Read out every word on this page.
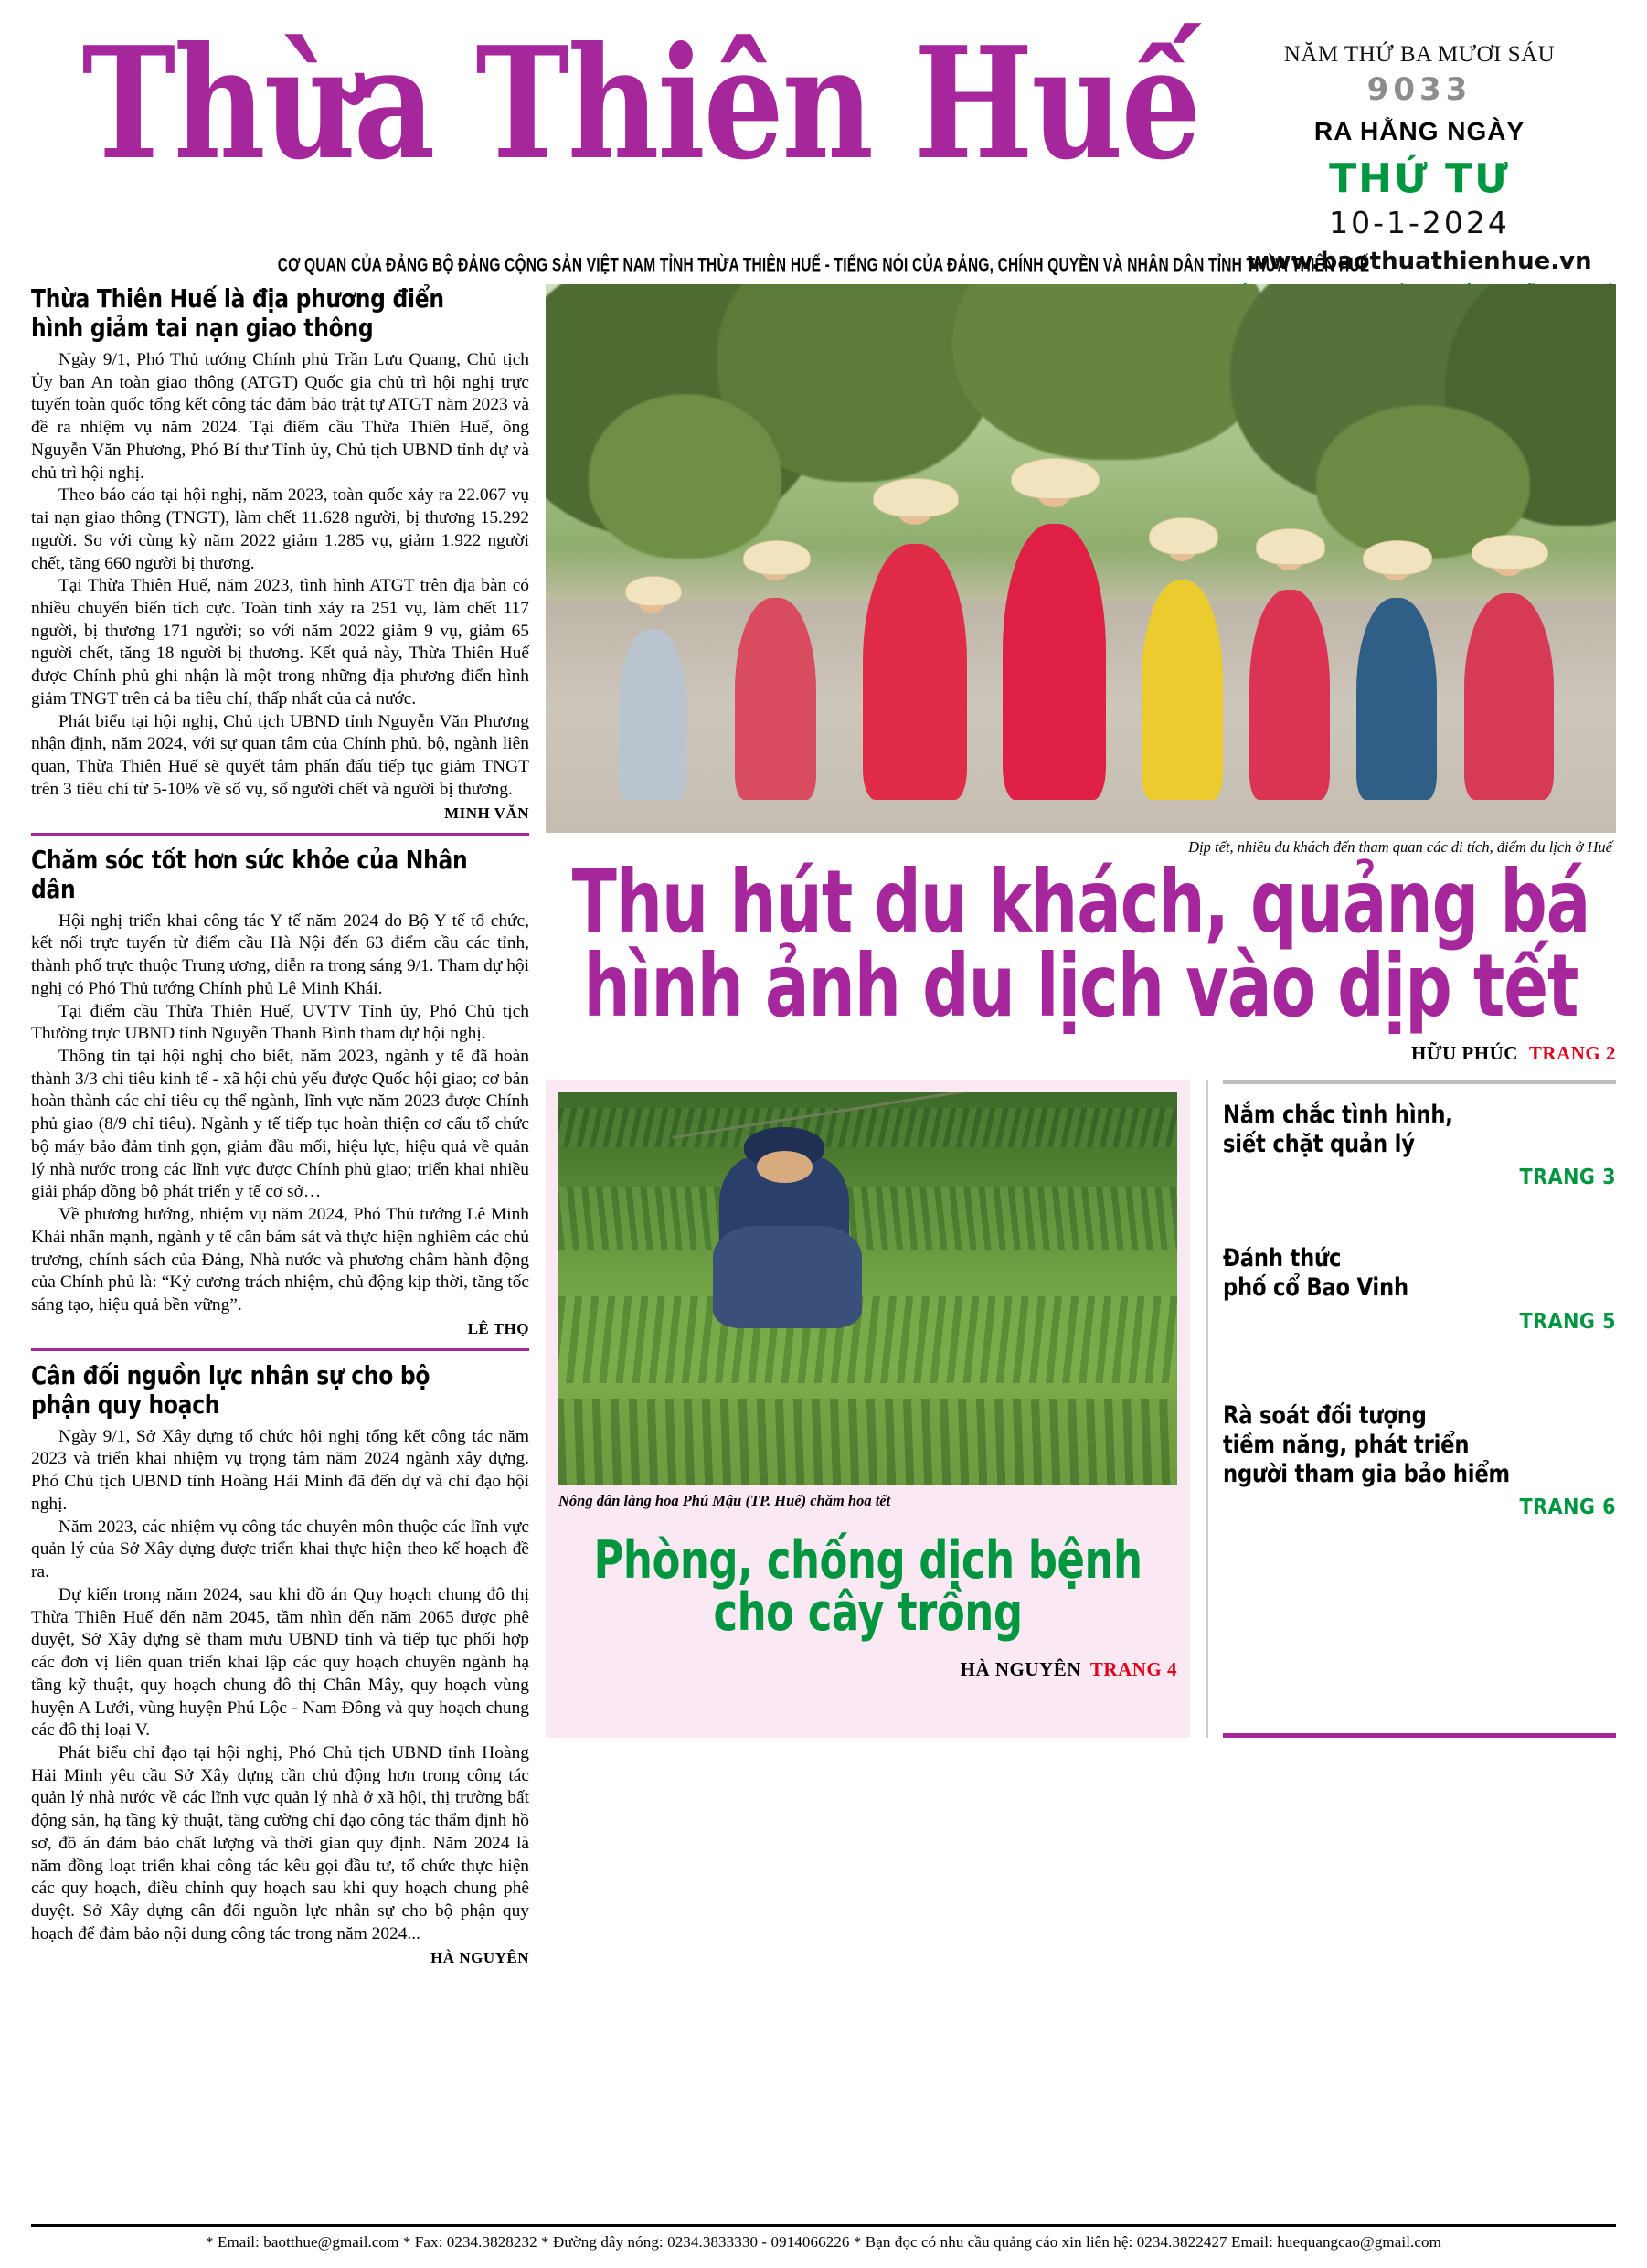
Thừa Thiên Huế	NĂM THỨ BA MƯƠI SÁU
9033
RA HẰNG NGÀY
THỨ TƯ
10-1-2024
www.baothuathienhue.vn
CƠ QUAN CỦA ĐẢNG BỘ ĐẢNG CỘNG SẢN VIỆT NAM TỈNH THỪA THIÊN HUẾ - TIẾNG NÓI CỦA ĐẢNG, CHÍNH QUYỀN VÀ NHÂN DÂN TỈNH THỪA THIÊN HUẾ
Thừa Thiên Huế là địa phương điển hình giảm tai nạn giao thông

Ngày 9/1, Phó Thủ tướng Chính phủ Trần Lưu Quang, Chủ tịch Ủy ban An toàn giao thông (ATGT) Quốc gia chủ trì hội nghị trực tuyến toàn quốc tổng kết công tác đảm bảo trật tự ATGT năm 2023 và đề ra nhiệm vụ năm 2024. Tại điểm cầu Thừa Thiên Huế, ông Nguyễn Văn Phương, Phó Bí thư Tỉnh ủy, Chủ tịch UBND tỉnh dự và chủ trì hội nghị.

Theo báo cáo tại hội nghị, năm 2023, toàn quốc xảy ra 22.067 vụ tai nạn giao thông (TNGT), làm chết 11.628 người, bị thương 15.292 người. So với cùng kỳ năm 2022 giảm 1.285 vụ, giảm 1.922 người chết, tăng 660 người bị thương.

Tại Thừa Thiên Huế, năm 2023, tình hình ATGT trên địa bàn có nhiều chuyển biến tích cực. Toàn tỉnh xảy ra 251 vụ, làm chết 117 người, bị thương 171 người; so với năm 2022 giảm 9 vụ, giảm 65 người chết, tăng 18 người bị thương. Kết quả này, Thừa Thiên Huế được Chính phủ ghi nhận là một trong những địa phương điển hình giảm TNGT trên cả ba tiêu chí, thấp nhất của cả nước.

Phát biểu tại hội nghị, Chủ tịch UBND tỉnh Nguyễn Văn Phương nhận định, năm 2024, với sự quan tâm của Chính phủ, bộ, ngành liên quan, Thừa Thiên Huế sẽ quyết tâm phấn đấu tiếp tục giảm TNGT trên 3 tiêu chí từ 5-10% về số vụ, số người chết và người bị thương.

MINH VĂN
Chăm sóc tốt hơn sức khỏe của Nhân dân

Hội nghị triển khai công tác Y tế năm 2024 do Bộ Y tế tổ chức, kết nối trực tuyến từ điểm cầu Hà Nội đến 63 điểm cầu các tỉnh, thành phố trực thuộc Trung ương, diễn ra trong sáng 9/1. Tham dự hội nghị có Phó Thủ tướng Chính phủ Lê Minh Khái.

Tại điểm cầu Thừa Thiên Huế, UVTV Tỉnh ủy, Phó Chủ tịch Thường trực UBND tỉnh Nguyễn Thanh Bình tham dự hội nghị.

Thông tin tại hội nghị cho biết, năm 2023, ngành y tế đã hoàn thành 3/3 chỉ tiêu kinh tế - xã hội chủ yếu được Quốc hội giao; cơ bản hoàn thành các chỉ tiêu cụ thể ngành, lĩnh vực năm 2023 được Chính phủ giao (8/9 chỉ tiêu). Ngành y tế tiếp tục hoàn thiện cơ cấu tổ chức bộ máy bảo đảm tinh gọn, giảm đầu mối, hiệu lực, hiệu quả về quản lý nhà nước trong các lĩnh vực được Chính phủ giao; triển khai nhiều giải pháp đồng bộ phát triển y tế cơ sở…

Về phương hướng, nhiệm vụ năm 2024, Phó Thủ tướng Lê Minh Khái nhấn mạnh, ngành y tế cần bám sát và thực hiện nghiêm các chủ trương, chính sách của Đảng, Nhà nước và phương châm hành động của Chính phủ là: “Kỷ cương trách nhiệm, chủ động kịp thời, tăng tốc sáng tạo, hiệu quả bền vững”.

LÊ THỌ
Cân đối nguồn lực nhân sự cho bộ phận quy hoạch

Ngày 9/1, Sở Xây dựng tổ chức hội nghị tổng kết công tác năm 2023 và triển khai nhiệm vụ trọng tâm năm 2024 ngành xây dựng. Phó Chủ tịch UBND tỉnh Hoàng Hải Minh đã đến dự và chỉ đạo hội nghị.

Năm 2023, các nhiệm vụ công tác chuyên môn thuộc các lĩnh vực quản lý của Sở Xây dựng được triển khai thực hiện theo kế hoạch đề ra.

Dự kiến trong năm 2024, sau khi đồ án Quy hoạch chung đô thị Thừa Thiên Huế đến năm 2045, tầm nhìn đến năm 2065 được phê duyệt, Sở Xây dựng sẽ tham mưu UBND tỉnh và tiếp tục phối hợp các đơn vị liên quan triển khai lập các quy hoạch chuyên ngành hạ tầng kỹ thuật, quy hoạch chung đô thị Chân Mây, quy hoạch vùng huyện A Lưới, vùng huyện Phú Lộc - Nam Đông và quy hoạch chung các đô thị loại V.

Phát biểu chỉ đạo tại hội nghị, Phó Chủ tịch UBND tỉnh Hoàng Hải Minh yêu cầu Sở Xây dựng cần chủ động hơn trong công tác quản lý nhà nước về các lĩnh vực quản lý nhà ở xã hội, thị trường bất động sản, hạ tầng kỹ thuật, tăng cường chỉ đạo công tác thẩm định hồ sơ, đồ án đảm bảo chất lượng và thời gian quy định. Năm 2024 là năm đồng loạt triển khai công tác kêu gọi đầu tư, tổ chức thực hiện các quy hoạch, điều chỉnh quy hoạch sau khi quy hoạch chung phê duyệt. Sở Xây dựng cân đối nguồn lực nhân sự cho bộ phận quy hoạch để đảm bảo nội dung công tác trong năm 2024...

HÀ NGUYÊN
Dịp tết, nhiều du khách đến tham quan các di tích, điểm du lịch ở Huế
Thu hút du khách, quảng bá
hình ảnh du lịch vào dịp tết
HỮU PHÚC TRANG 2
Nông dân làng hoa Phú Mậu (TP. Huế) chăm hoa tết
Phòng, chống dịch bệnh cho cây trồng
HÀ NGUYÊN TRANG 4
Nắm chắc tình hình,
siết chặt quản lý
TRANG 3
Đánh thức
phố cổ Bao Vinh
TRANG 5
Rà soát đối tượng
tiềm năng, phát triển
người tham gia bảo hiểm
TRANG 6
* Email: baotthue@gmail.com * Fax: 0234.3828232 * Đường dây nóng: 0234.3833330 - 0914066226 * Bạn đọc có nhu cầu quảng cáo xin liên hệ: 0234.3822427 Email: huequangcao@gmail.com
